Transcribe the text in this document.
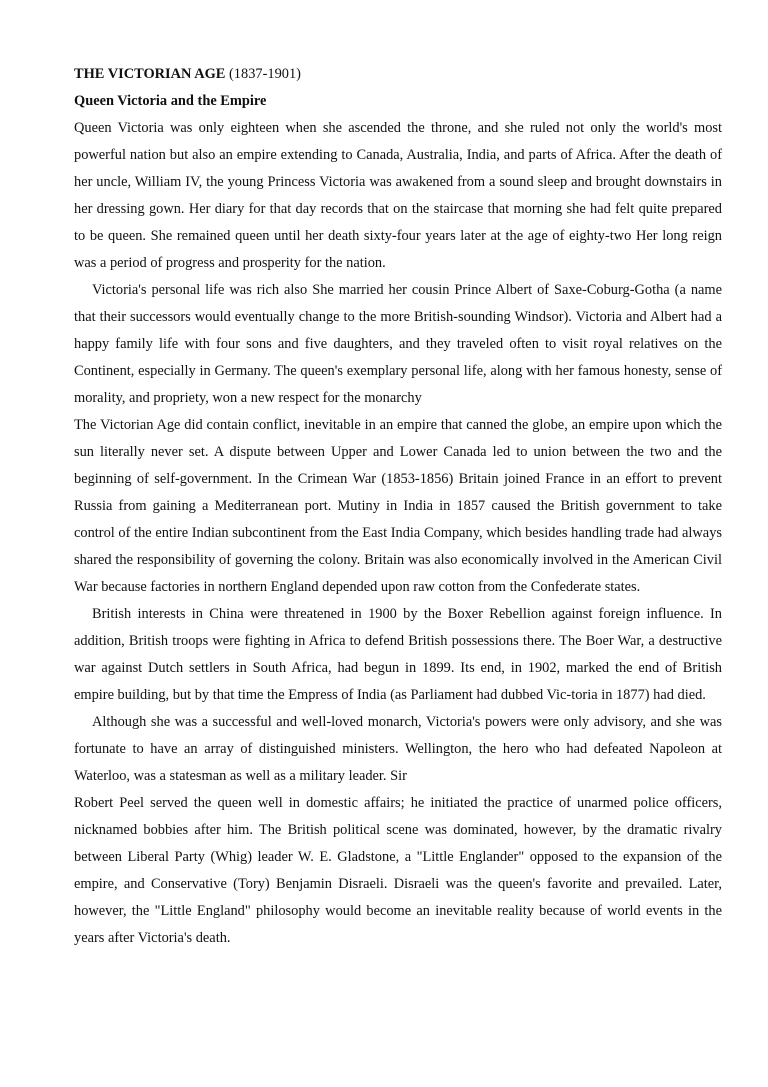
THE VICTORIAN AGE (1837-1901)

Queen Victoria and the Empire

Queen Victoria was only eighteen when she ascended the throne, and she ruled not only the world's most powerful nation but also an empire extending to Canada, Australia, India, and parts of Africa. After the death of her uncle, William IV, the young Princess Victoria was awakened from a sound sleep and brought downstairs in her dressing gown. Her diary for that day records that on the staircase that morning she had felt quite prepared to be queen. She remained queen until her death sixty-four years later at the age of eighty-two Her long reign was a period of progress and prosperity for the nation.

Victoria's personal life was rich also She married her cousin Prince Albert of Saxe-Coburg-Gotha (a name that their successors would eventually change to the more British-sounding Windsor). Victoria and Albert had a happy family life with four sons and five daughters, and they traveled often to visit royal relatives on the Continent, especially in Germany. The queen's exemplary personal life, along with her famous honesty, sense of morality, and propriety, won a new respect for the monarchy

The Victorian Age did contain conflict, inevitable in an empire that canned the globe, an empire upon which the sun literally never set. A dispute between Upper and Lower Canada led to union between the two and the beginning of self-government. In the Crimean War (1853-1856) Britain joined France in an effort to prevent Russia from gaining a Mediterranean port. Mutiny in India in 1857 caused the British government to take control of the entire Indian subcontinent from the East India Company, which besides handling trade had always shared the responsibility of governing the colony. Britain was also economically involved in the American Civil War because factories in northern England depended upon raw cotton from the Confederate states.

British interests in China were threatened in 1900 by the Boxer Rebellion against foreign influence. In addition, British troops were fighting in Africa to defend British possessions there. The Boer War, a destructive war against Dutch settlers in South Africa, had begun in 1899. Its end, in 1902, marked the end of British empire building, but by that time the Empress of India (as Parliament had dubbed Vic-toria in 1877) had died.

Although she was a successful and well-loved monarch, Victoria's powers were only advisory, and she was fortunate to have an array of distinguished ministers. Wellington, the hero who had defeated Napoleon at Waterloo, was a statesman as well as a military leader. Sir

Robert Peel served the queen well in domestic affairs; he initiated the practice of unarmed police officers, nicknamed bobbies after him. The British political scene was dominated, however, by the dramatic rivalry between Liberal Party (Whig) leader W. E. Gladstone, a "Little Englander" opposed to the expansion of the empire, and Conservative (Tory) Benjamin Disraeli. Disraeli was the queen's favorite and prevailed. Later, however, the "Little England" philosophy would become an inevitable reality because of world events in the years after Victoria's death.
